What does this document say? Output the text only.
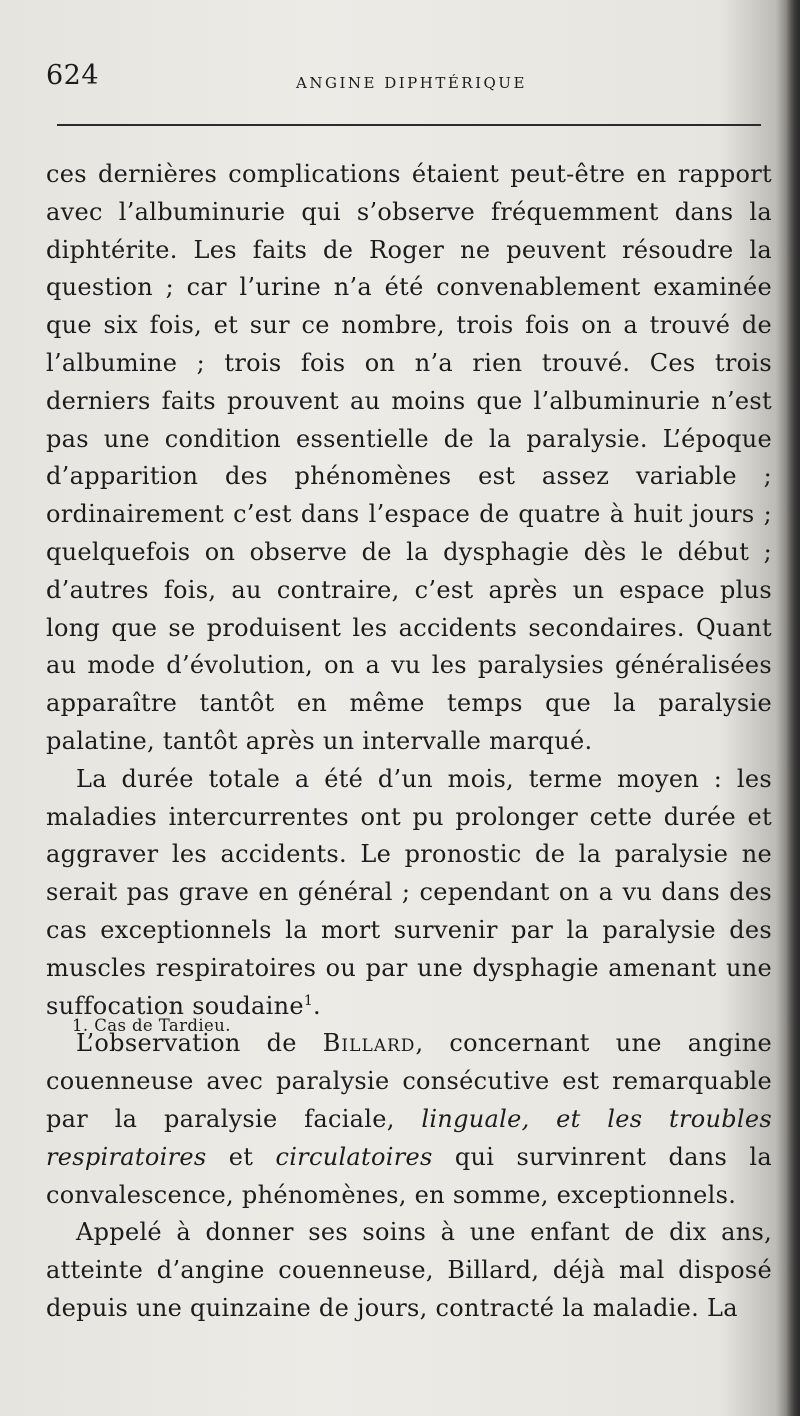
624	ANGINE DIPHTÉRIQUE

ces dernières complications étaient peut-être en rapport avec l’albuminurie qui s’observe fréquemment dans la diphtérite. Les faits de Roger ne peuvent résoudre la question ; car l’urine n’a été convenablement examinée que six fois, et sur ce nombre, trois fois on a trouvé de l’albumine ; trois fois on n’a rien trouvé. Ces trois derniers faits prouvent au moins que l’albuminurie n’est pas une condition essentielle de la paralysie. L’époque d’apparition des phénomènes est assez variable ; ordinairement c’est dans l’espace de quatre à huit jours ; quelquefois on observe de la dysphagie dès le début ; d’autres fois, au contraire, c’est après un espace plus long que se produisent les accidents secondaires. Quant au mode d’évolution, on a vu les paralysies généralisées apparaître tantôt en même temps que la paralysie palatine, tantôt après un intervalle marqué.

La durée totale a été d’un mois, terme moyen : les maladies intercurrentes ont pu prolonger cette durée et aggraver les accidents. Le pronostic de la paralysie ne serait pas grave en général ; cependant on a vu dans des cas exceptionnels la mort survenir par la paralysie des muscles respiratoires ou par une dysphagie amenant une suffocation soudaine$^1$.

L’observation de Billard, concernant une angine couenneuse avec paralysie consécutive est remarquable par la paralysie faciale, linguale, et les troubles respiratoires et circulatoires qui survinrent dans la convalescence, phénomènes, en somme, exceptionnels.

Appelé à donner ses soins à une enfant de dix ans, atteinte d’angine couenneuse, Billard, déjà mal disposé depuis une quinzaine de jours, contracté la maladie. La

1. Cas de Tardieu.
